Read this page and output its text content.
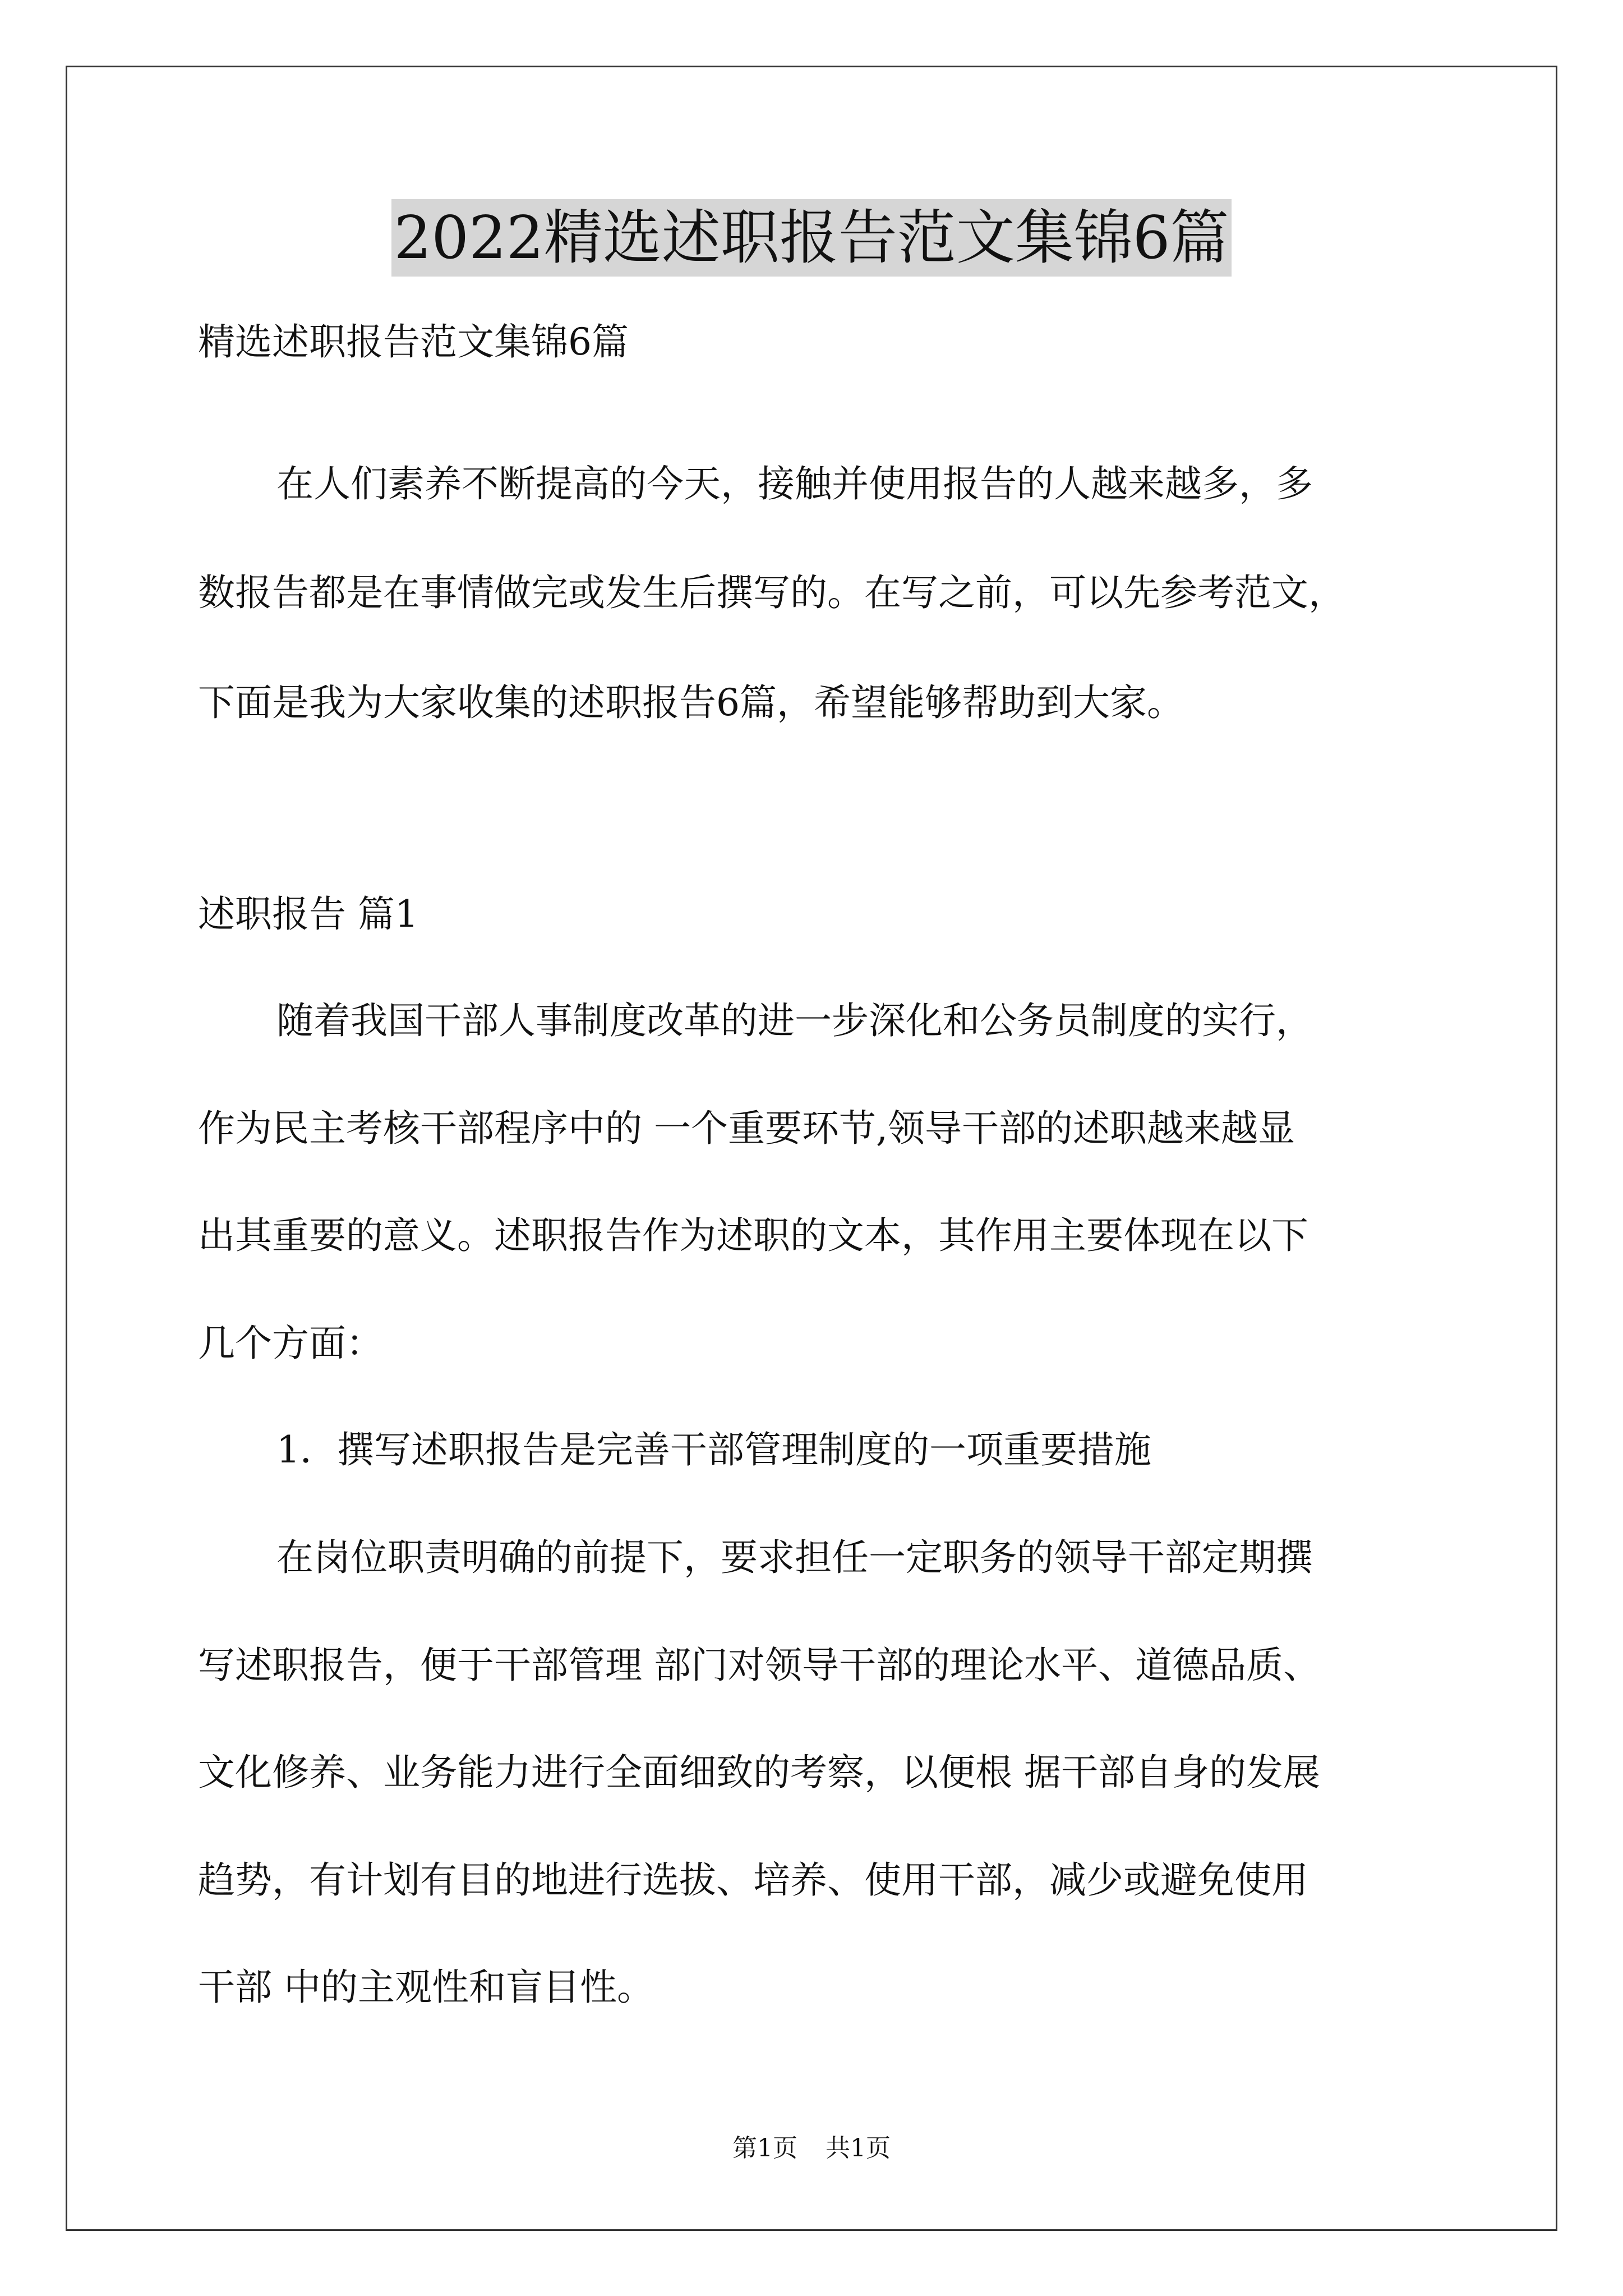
2022精选述职报告范文集锦6篇

精选述职报告范文集锦6篇

在人们素养不断提高的今天，接触并使用报告的人越来越多，多

数报告都是在事情做完或发生后撰写的。在写之前，可以先参考范文，

下面是我为大家收集的述职报告6篇，希望能够帮助到大家。

述职报告 篇1

随着我国干部人事制度改革的进一步深化和公务员制度的实行，

作为民主考核干部程序中的 一个重要环节,领导干部的述职越来越显

出其重要的意义。述职报告作为述职的文本，其作用主要体现在以下

几个方面：

1．撰写述职报告是完善干部管理制度的一项重要措施

在岗位职责明确的前提下，要求担任一定职务的领导干部定期撰

写述职报告，便于干部管理 部门对领导干部的理论水平、道德品质、

文化修养、业务能力进行全面细致的考察，以便根 据干部自身的发展

趋势，有计划有目的地进行选拔、培养、使用干部，减少或避免使用

干部 中的主观性和盲目性。

第1页 共1页
